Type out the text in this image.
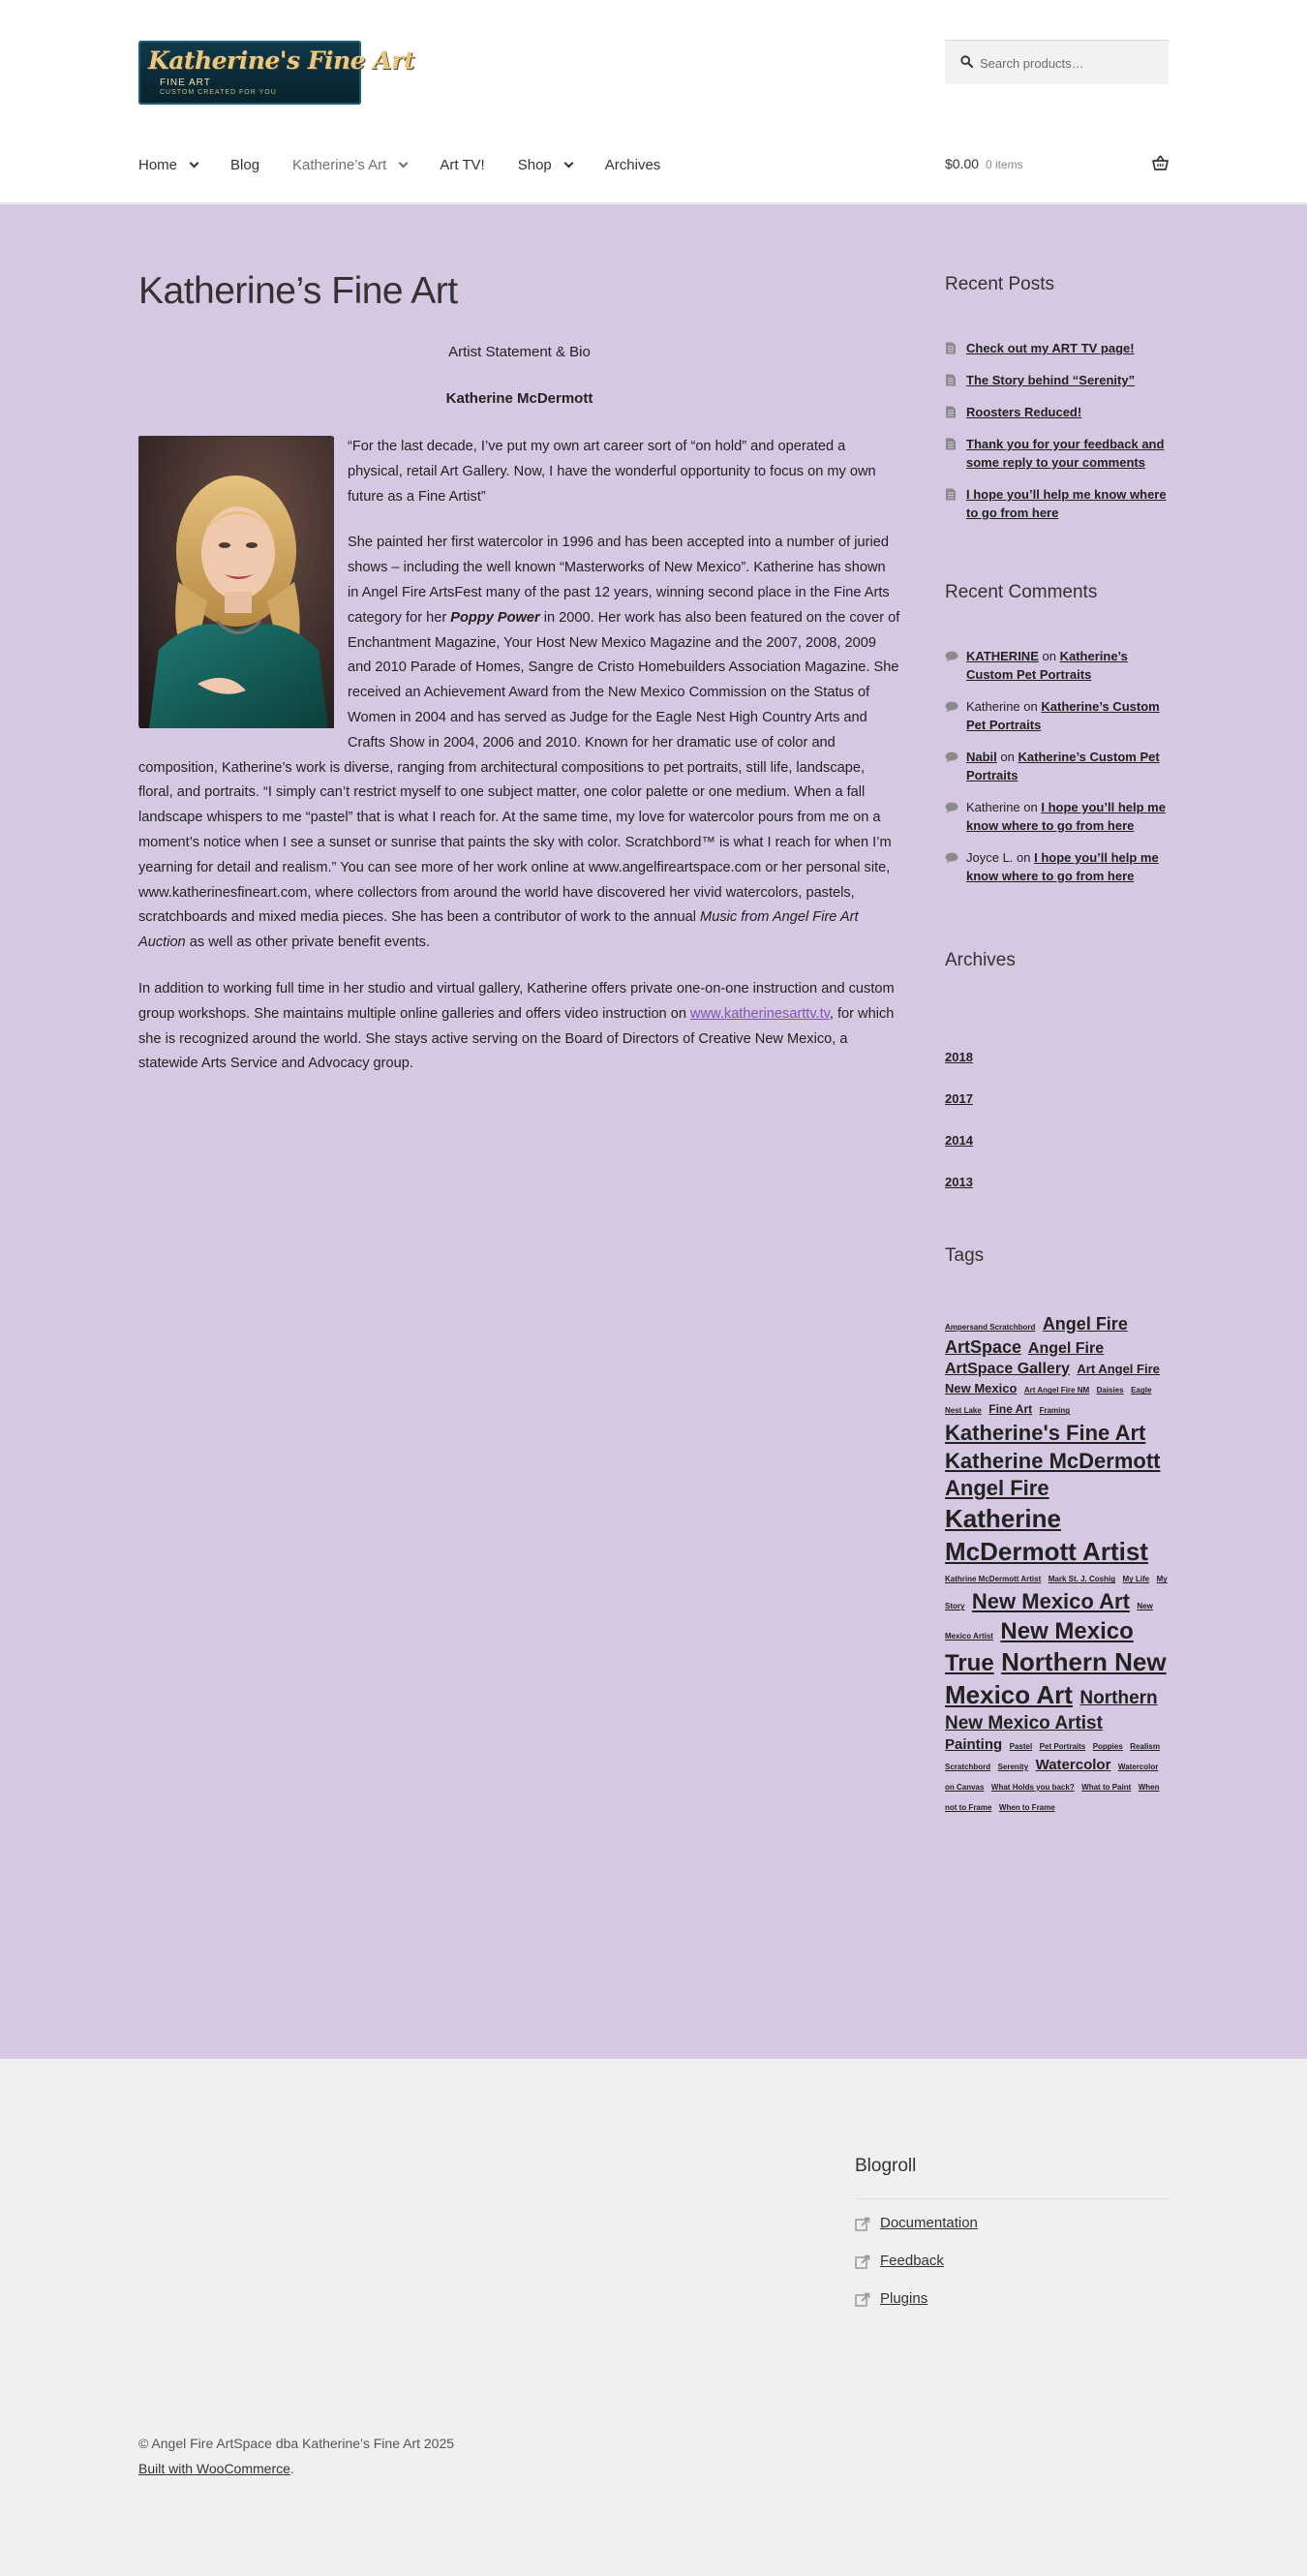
Katherine's Fine Art
FINE ART
CUSTOM CREATED FOR YOU
Search products…
Home	Blog Katherine’s Art	Art TV! Shop	Archives	$0.00 0 items
Katherine’s Fine Art
Artist Statement & Bio
Katherine McDermott

“For the last decade, I’ve put my own art career sort of “on hold” and operated a physical, retail Art Gallery. Now, I have the wonderful opportunity to focus on my own future as a Fine Artist”

She painted her first watercolor in 1996 and has been accepted into a number of juried shows – including the well known “Masterworks of New Mexico”. Katherine has shown in Angel Fire ArtsFest many of the past 12 years, winning second place in the Fine Arts category for her Poppy Power in 2000. Her work has also been featured on the cover of Enchantment Magazine, Your Host New Mexico Magazine and the 2007, 2008, 2009 and 2010 Parade of Homes, Sangre de Cristo Homebuilders Association Magazine. She received an Achievement Award from the New Mexico Commission on the Status of Women in 2004 and has served as Judge for the Eagle Nest High Country Arts and Crafts Show in 2004, 2006 and 2010. Known for her dramatic use of color and composition, Katherine’s work is diverse, ranging from architectural compositions to pet portraits, still life, landscape, floral, and portraits. “I simply can’t restrict myself to one subject matter, one color palette or one medium. When a fall landscape whispers to me “pastel” that is what I reach for. At the same time, my love for watercolor pours from me on a moment’s notice when I see a sunset or sunrise that paints the sky with color. Scratchbord™ is what I reach for when I’m yearning for detail and realism.” You can see more of her work online at www.angelfireartspace.com or her personal site, www.katherinesfineart.com, where collectors from around the world have discovered her vivid watercolors, pastels, scratchboards and mixed media pieces. She has been a contributor of work to the annual Music from Angel Fire Art Auction as well as other private benefit events.

In addition to working full time in her studio and virtual gallery, Katherine offers private one-on-one instruction and custom group workshops. She maintains multiple online galleries and offers video instruction on www.katherinesarttv.tv, for which she is recognized around the world. She stays active serving on the Board of Directors of Creative New Mexico, a statewide Arts Service and Advocacy group.

Recent Posts
Check out my ART TV page!
The Story behind “Serenity”
Roosters Reduced!
Thank you for your feedback and some reply to your comments
I hope you’ll help me know where to go from here
Recent Comments
KATHERINE on Katherine’s Custom Pet Portraits
Katherine on Katherine’s Custom Pet Portraits
Nabil on Katherine’s Custom Pet Portraits
Katherine on I hope you’ll help me know where to go from here
Joyce L. on I hope you’ll help me know where to go from here
Archives
2018
2017
2014
2013
Tags
Ampersand Scratchbord Angel Fire ArtSpace Angel Fire ArtSpace Gallery Art Angel Fire New Mexico Art Angel Fire NM Daisies Eagle Nest Lake Fine Art Framing Katherine's Fine Art Katherine McDermott Angel Fire Katherine McDermott Artist Kathrine McDermott Artist Mark St. J. Coshig My Life My Story New Mexico Art New Mexico Artist New Mexico True Northern New Mexico Art Northern New Mexico Artist Painting Pastel Pet Portraits Poppies Realism Scratchbord Serenity Watercolor Watercolor on Canvas What Holds you back? What to Paint When not to Frame When to Frame
Blogroll
Documentation
Feedback
Plugins
© Angel Fire ArtSpace dba Katherine’s Fine Art 2025
Built with WooCommerce.
